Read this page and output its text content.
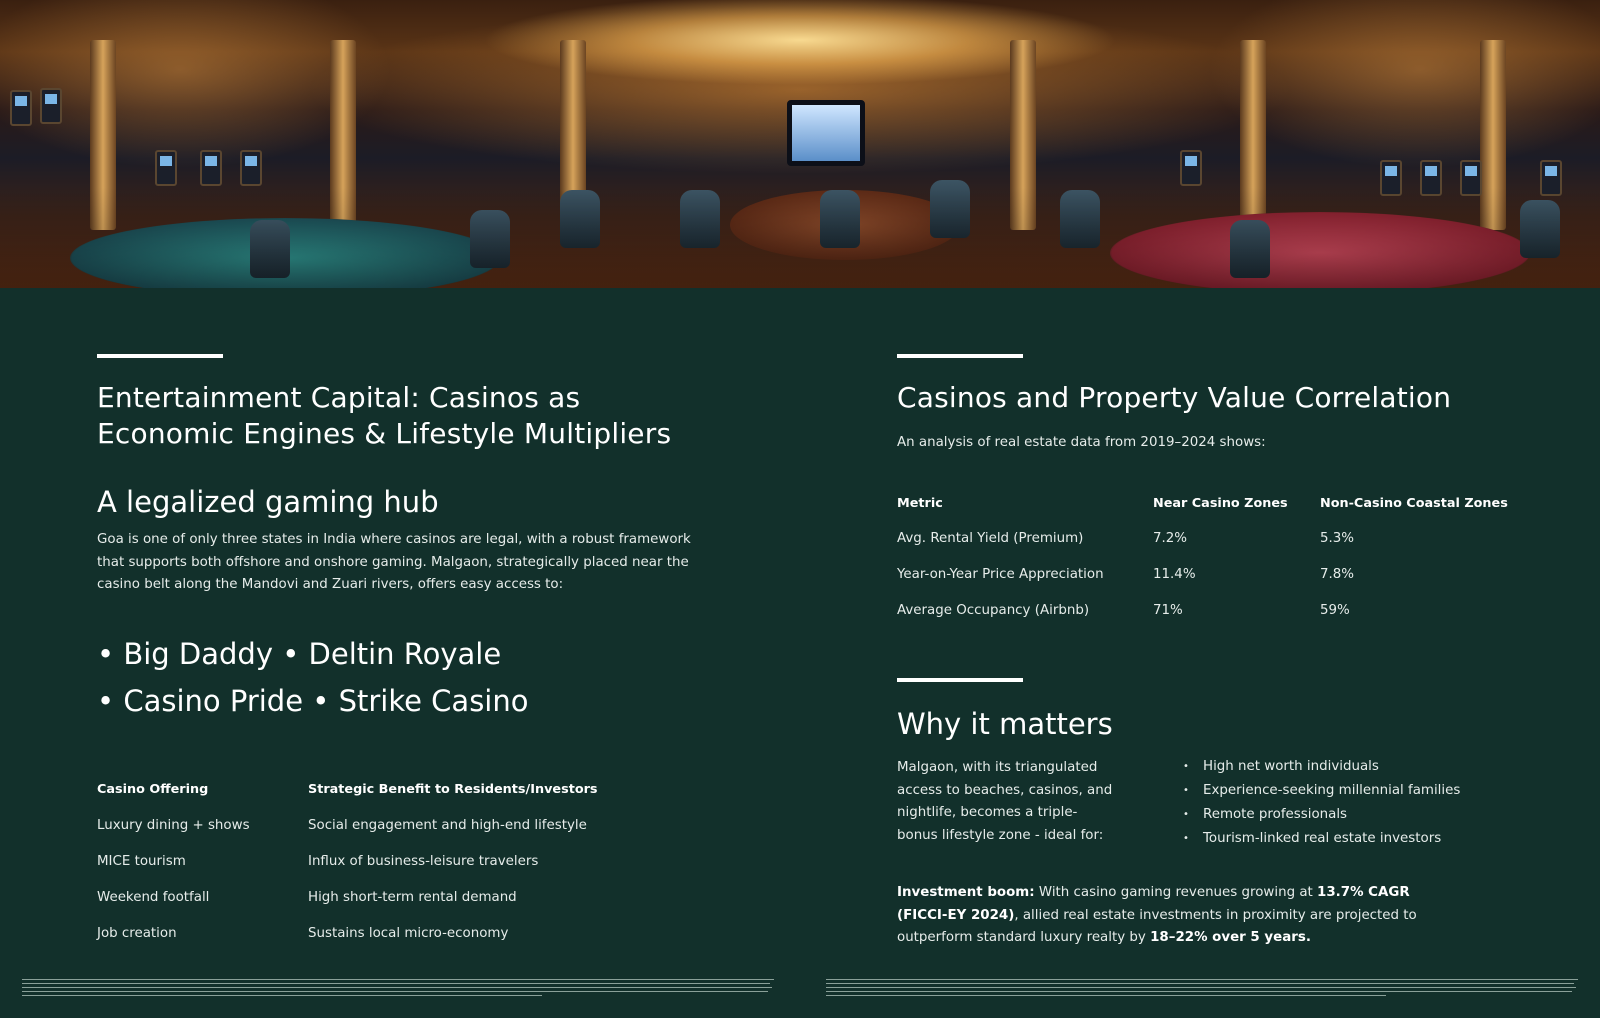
Entertainment Capital: Casinos as
Economic Engines & Lifestyle Multipliers
A legalized gaming hub
Goa is one of only three states in India where casinos are legal, with a robust framework that supports both offshore and onshore gaming. Malgaon, strategically placed near the casino belt along the Mandovi and Zuari rivers, offers easy access to:
• Big Daddy • Deltin Royale
• Casino Pride • Strike Casino
Casino Offering	Strategic Benefit to Residents/Investors
Luxury dining + shows	Social engagement and high-end lifestyle
MICE tourism	Influx of business-leisure travelers
Weekend footfall	High short-term rental demand
Job creation	Sustains local micro-economy
Casinos and Property Value Correlation
An analysis of real estate data from 2019–2024 shows:
Metric	Near Casino Zones	Non-Casino Coastal Zones
Avg. Rental Yield (Premium)	7.2%	5.3%
Year-on-Year Price Appreciation	11.4%	7.8%
Average Occupancy (Airbnb)	71%	59%
Why it matters
Malgaon, with its triangulated access to beaches, casinos, and nightlife, becomes a triple-bonus lifestyle zone - ideal for:
• High net worth individuals
• Experience-seeking millennial families
• Remote professionals
• Tourism-linked real estate investors
Investment boom: With casino gaming revenues growing at 13.7% CAGR (FICCI-EY 2024), allied real estate investments in proximity are projected to outperform standard luxury realty by 18–22% over 5 years.
